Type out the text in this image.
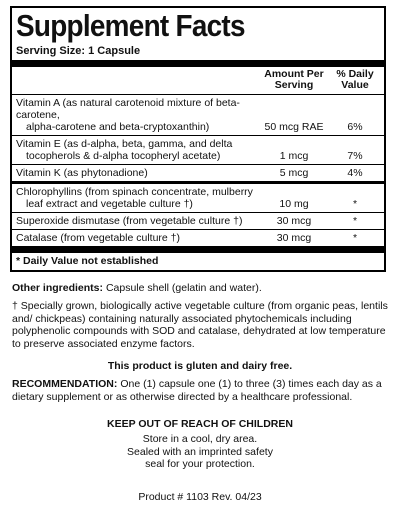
Supplement Facts
Serving Size: 1 Capsule
Amount Per Serving
% Daily Value
Vitamin A (as natural carotenoid mixture of beta-carotene,
alpha-carotene and beta-cryptoxanthin)	50 mcg RAE	6%
Vitamin E (as d-alpha, beta, gamma, and delta
tocopherols & d-alpha tocopheryl acetate)	1 mcg	7%
Vitamin K (as phytonadione)	5 mcg	4%
Chlorophyllins (from spinach concentrate, mulberry
leaf extract and vegetable culture †)	10 mg	*
Superoxide dismutase (from vegetable culture †)	30 mcg	*
Catalase (from vegetable culture †)	30 mcg	*
* Daily Value not established
Other ingredients: Capsule shell (gelatin and water).
† Specially grown, biologically active vegetable culture (from organic peas, lentils and/ chickpeas) containing naturally associated phytochemicals including polyphenolic compounds with SOD and catalase, dehydrated at low temperature to preserve associated enzyme factors.
This product is gluten and dairy free.
RECOMMENDATION: One (1) capsule one (1) to three (3) times each day as a dietary supplement or as otherwise directed by a healthcare professional.
KEEP OUT OF REACH OF CHILDREN
Store in a cool, dry area.
Sealed with an imprinted safety
seal for your protection.
Product # 1103 Rev. 04/23
